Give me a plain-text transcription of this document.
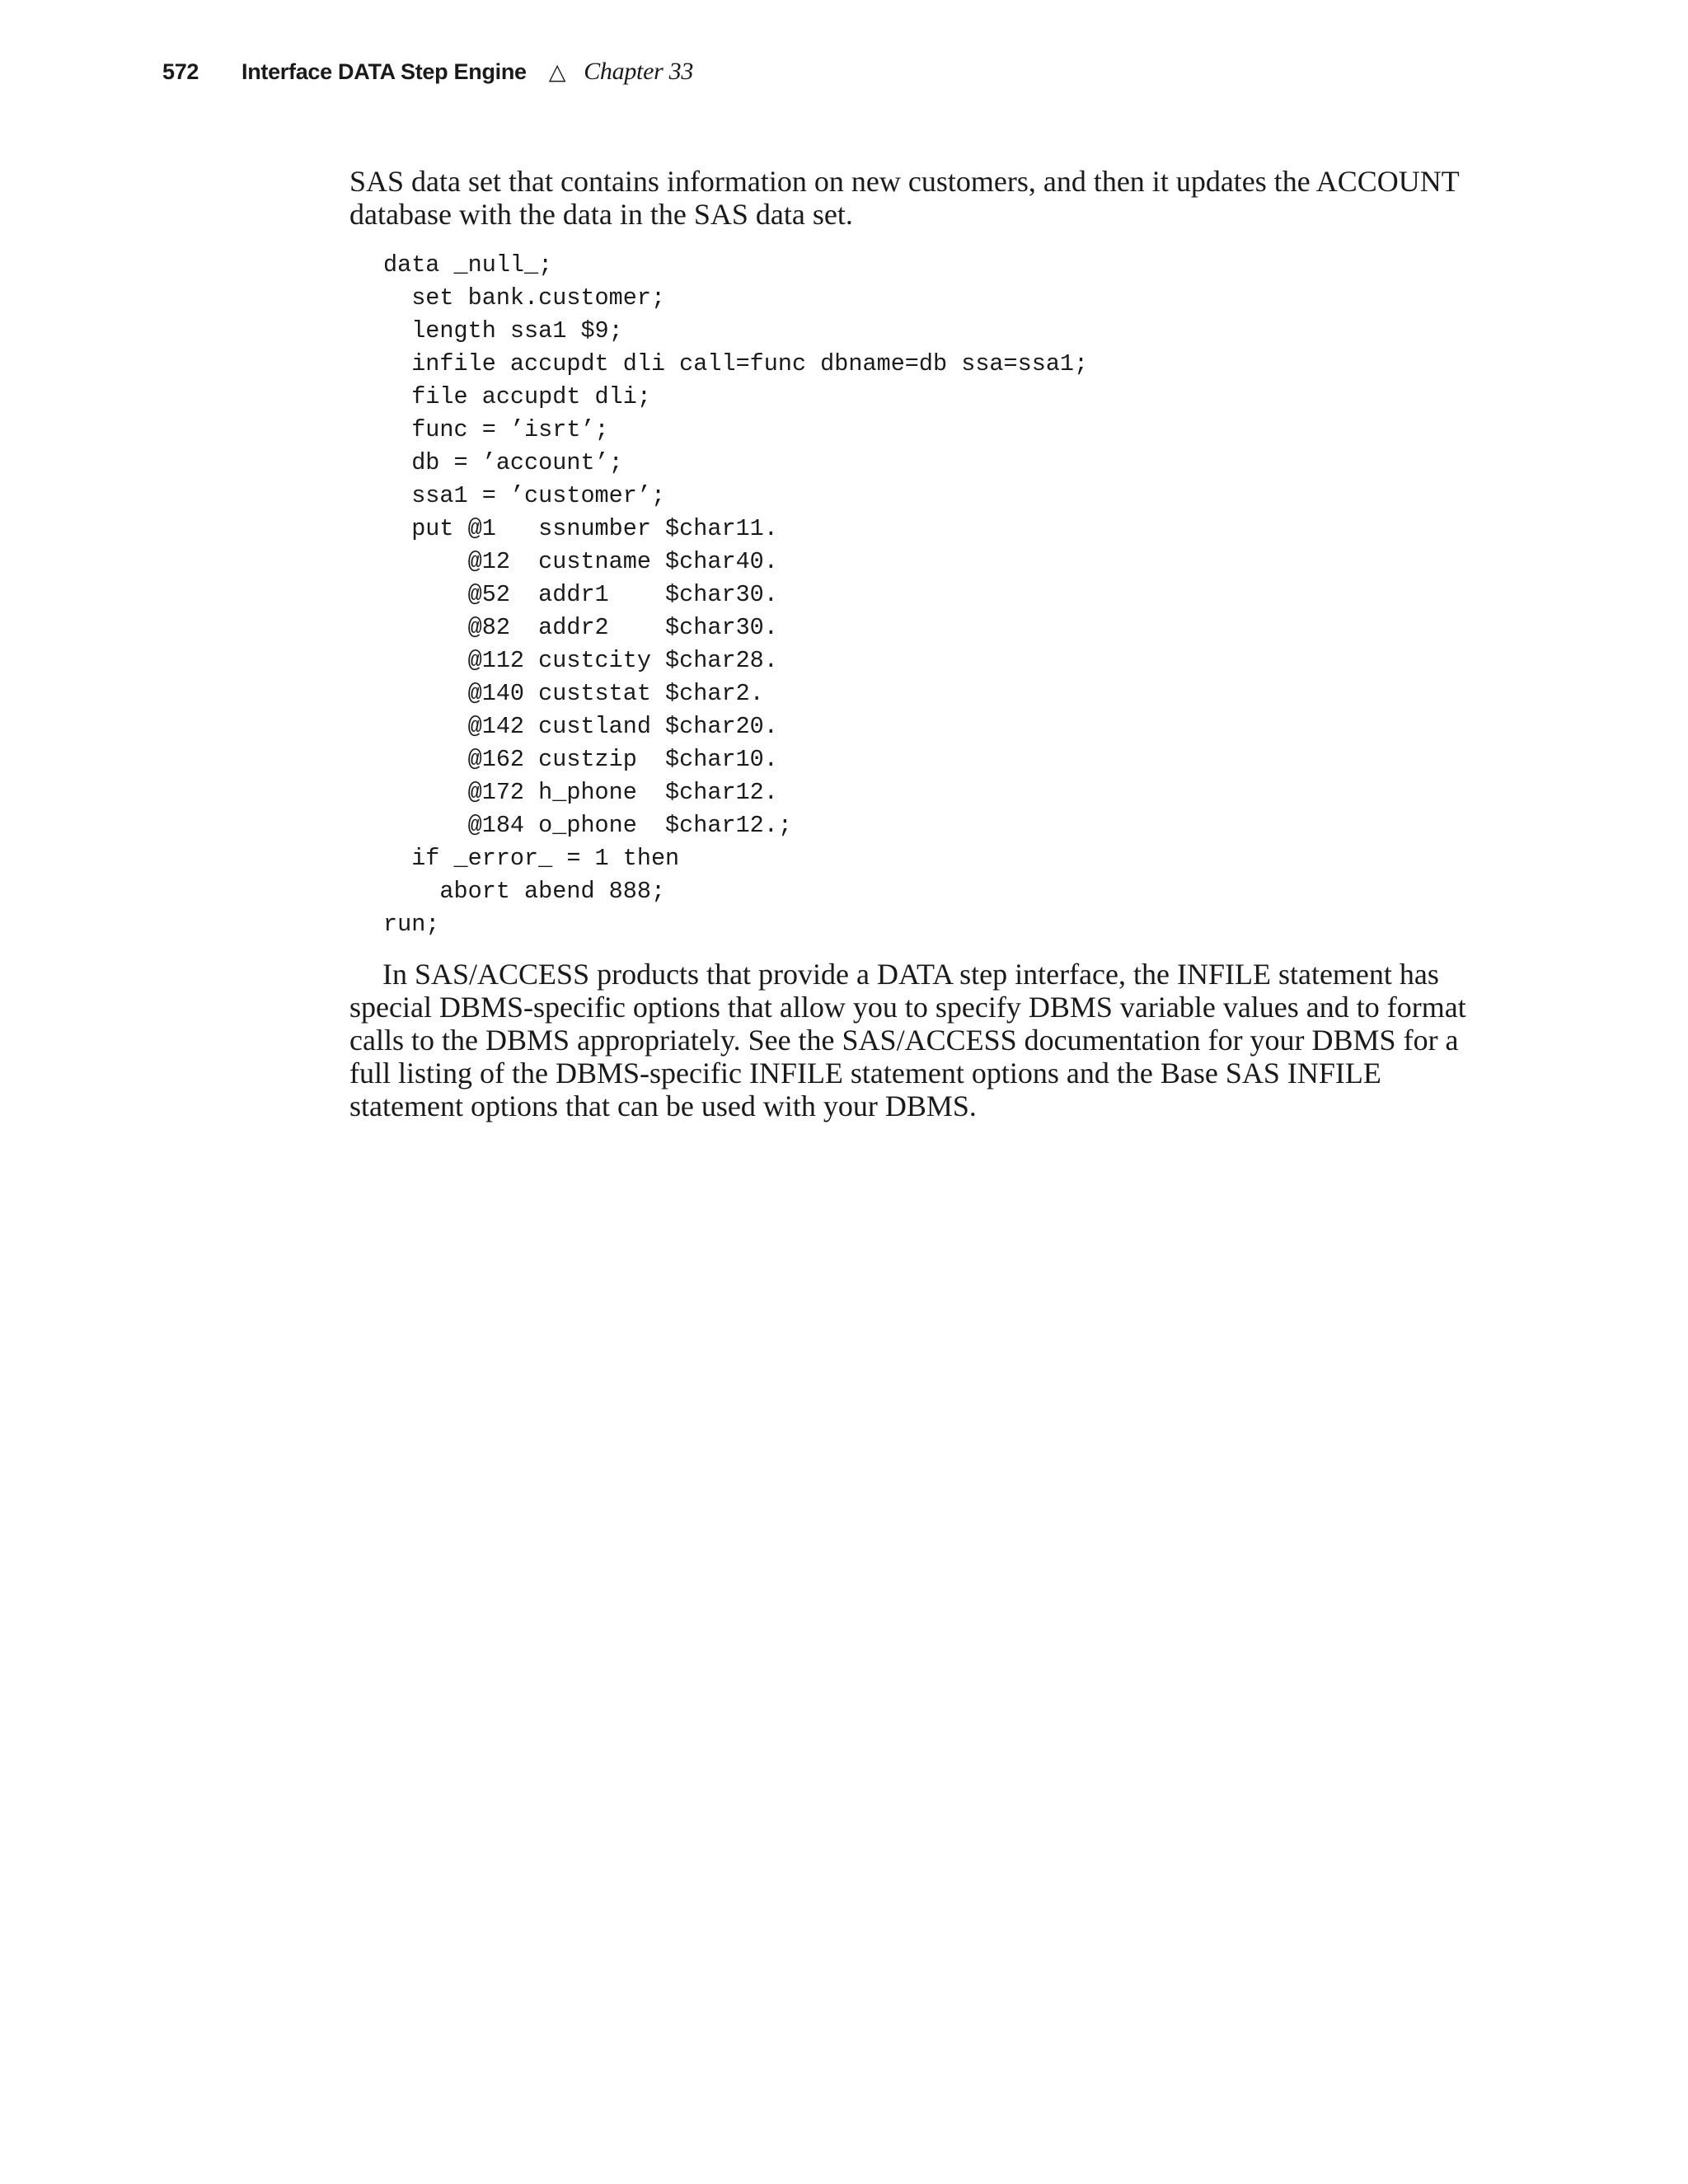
572	Interface DATA Step Engine △ Chapter 33

SAS data set that contains information on new customers, and then it updates the ACCOUNT database with the data in the SAS data set.

data _null_;
set bank.customer;
length ssa1 $9;
infile accupdt dli call=func dbname=db ssa=ssa1;
file accupdt dli;
func = ’isrt’;
db = ’account’;
ssa1 = ’customer’;
put @1   ssnumber $char11.
@12  custname $char40.
@52  addr1    $char30.
@82  addr2    $char30.
@112 custcity $char28.
@140 custstat $char2.
@142 custland $char20.
@162 custzip  $char10.
@172 h_phone  $char12.
@184 o_phone  $char12.;
if _error_ = 1 then
abort abend 888;
run;

In SAS/ACCESS products that provide a DATA step interface, the INFILE statement has special DBMS-specific options that allow you to specify DBMS variable values and to format calls to the DBMS appropriately. See the SAS/ACCESS documentation for your DBMS for a full listing of the DBMS-specific INFILE statement options and the Base SAS INFILE statement options that can be used with your DBMS.
